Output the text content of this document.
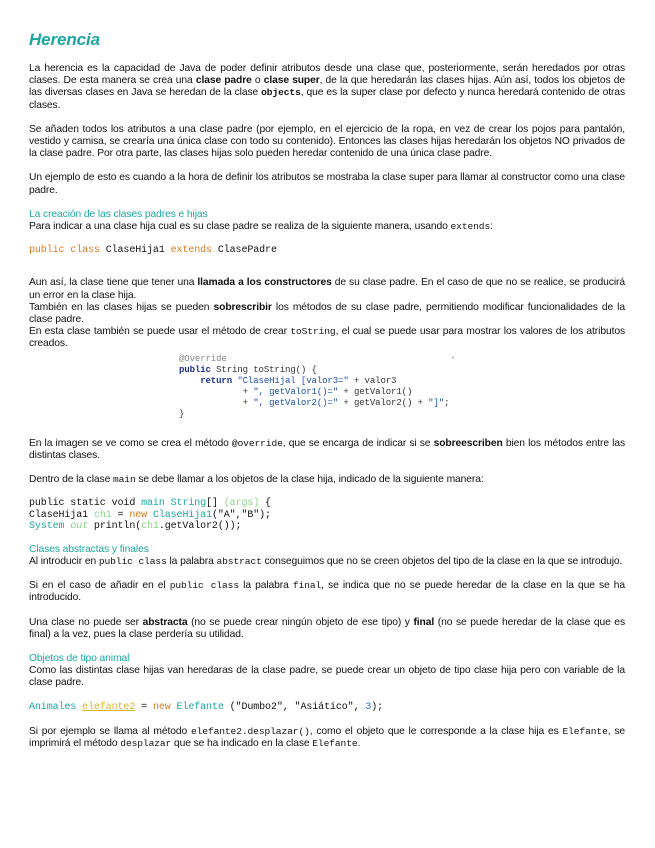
Herencia

La herencia es la capacidad de Java de poder definir atributos desde una clase que, posteriormente, serán heredados por otras clases. De esta manera se crea una clase padre o clase super, de la que heredarán las clases hijas. Aún así, todos los objetos de las diversas clases en Java se heredan de la clase objects, que es la super clase por defecto y nunca heredará contenido de otras clases.

Se añaden todos los atributos a una clase padre (por ejemplo, en el ejercicio de la ropa, en vez de crear los pojos para pantalón, vestido y camisa, se crearía una única clase con todo su contenido). Entonces las clases hijas heredarán los objetos NO privados de la clase padre. Por otra parte, las clases hijas solo pueden heredar contenido de una única clase padre.

Un ejemplo de esto es cuando a la hora de definir los atributos se mostraba la clase super para llamar al constructor como una clase padre.

La creación de las clases padres e hijas

Para indicar a una clase hija cual es su clase padre se realiza de la siguiente manera, usando extends:

public class ClaseHija1 extends ClasePadre

Aun así, la clase tiene que tener una llamada a los constructores de su clase padre. En el caso de que no se realice, se producirá un error en la clase hija.

También en las clases hijas se pueden sobrescribir los métodos de su clase padre, permitiendo modificar funcionalidades de la clase padre.

En esta clase también se puede usar el método de crear toString, el cual se puede usar para mostrar los valores de los atributos creados.

•
@Override
public String toString() {
return "ClaseHijal [valor3=" + valor3
+ ", getValor1()=" + getValor1()
+ ", getValor2()=" + getValor2() + "]";
}

En la imagen se ve como se crea el método @override, que se encarga de indicar si se sobreescriben bien los métodos entre las distintas clases.

Dentro de la clase main se debe llamar a los objetos de la clase hija, indicado de la siguiente manera:

public static void main String[] (args) {
ClaseHija1 ch1 = new ClaseHija1("A","B");
System out println(ch1.getValor2());
Clases abstractas y finales

Al introducir en public class la palabra abstract conseguimos que no se creen objetos del tipo de la clase en la que se introdujo.

Si en el caso de añadir en el public class la palabra final, se indica que no se puede heredar de la clase en la que se ha introducido.

Una clase no puede ser abstracta (no se puede crear ningún objeto de ese tipo) y final (no se puede heredar de la clase que es final) a la vez, pues la clase perdería su utilidad.

Objetos de tipo animal

Como las distintas clase hijas van heredaras de la clase padre, se puede crear un objeto de tipo clase hija pero con variable de la clase padre.

Animales elefante2 = new Elefante ("Dumbo2", "Asiático", 3);

Si por ejemplo se llama al método elefante2.desplazar(), como el objeto que le corresponde a la clase hija es Elefante, se imprimirá el método desplazar que se ha indicado en la clase Elefante.
